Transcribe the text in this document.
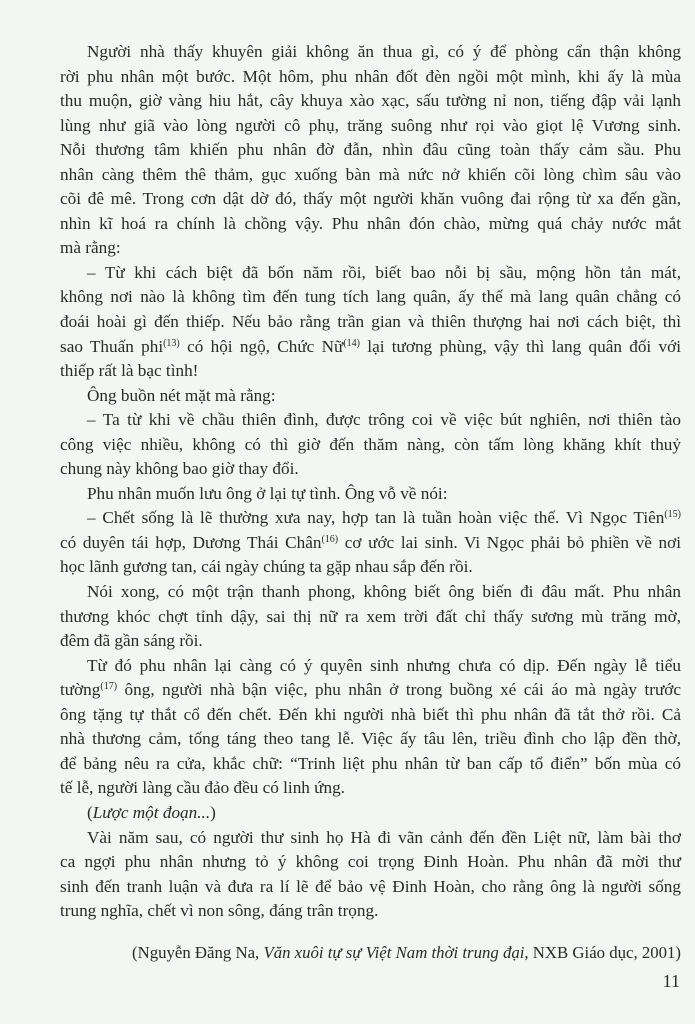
Người nhà thấy khuyên giải không ăn thua gì, có ý để phòng cẩn thận không
rời phu nhân một bước. Một hôm, phu nhân đốt đèn ngồi một mình, khi ấy là mùa
thu muộn, giờ vàng hiu hắt, cây khuya xào xạc, sấu tường nỉ non, tiếng đập vải lạnh
lùng như giã vào lòng người cô phụ, trăng suông như rọi vào giọt lệ Vương sinh.
Nỗi thương tâm khiến phu nhân đờ đẫn, nhìn đâu cũng toàn thấy cảm sầu. Phu
nhân càng thêm thê thảm, gục xuống bàn mà nức nở khiến cõi lòng chìm sâu vào
cõi đê mê. Trong cơn dật dờ đó, thấy một người khăn vuông đai rộng từ xa đến gần,
nhìn kĩ hoá ra chính là chồng vậy. Phu nhân đón chào, mừng quá chảy nước mắt
mà rằng:
– Từ khi cách biệt đã bốn năm rồi, biết bao nỗi bị sầu, mộng hồn tản mát,
không nơi nào là không tìm đến tung tích lang quân, ấy thế mà lang quân chẳng có
đoái hoài gì đến thiếp. Nếu bảo rằng trần gian và thiên thượng hai nơi cách biệt, thì
sao Thuấn phi$^{(13)}$ có hội ngộ, Chức Nữ$^{(14)}$ lại tương phùng, vậy thì lang quân đối với
thiếp rất là bạc tình!
Ông buồn nét mặt mà rằng:
– Ta từ khi về chầu thiên đình, được trông coi về việc bút nghiên, nơi thiên tào
công việc nhiều, không có thì giờ đến thăm nàng, còn tấm lòng khăng khít thuỷ
chung này không bao giờ thay đổi.
Phu nhân muốn lưu ông ở lại tự tình. Ông vỗ về nói:
– Chết sống là lẽ thường xưa nay, hợp tan là tuần hoàn việc thế. Vì Ngọc Tiên$^{(15)}$
có duyên tái hợp, Dương Thái Chân$^{(16)}$ cơ ước lai sinh. Vi Ngọc phải bỏ phiền về nơi
học lãnh gương tan, cái ngày chúng ta gặp nhau sắp đến rồi.
Nói xong, có một trận thanh phong, không biết ông biến đi đâu mất. Phu nhân
thương khóc chợt tỉnh dậy, sai thị nữ ra xem trời đất chỉ thấy sương mù trăng mờ,
đêm đã gần sáng rồi.
Từ đó phu nhân lại càng có ý quyên sinh nhưng chưa có dịp. Đến ngày lễ tiểu
tường$^{(17)}$ ông, người nhà bận việc, phu nhân ở trong buồng xé cái áo mà ngày trước
ông tặng tự thắt cổ đến chết. Đến khi người nhà biết thì phu nhân đã tắt thở rồi. Cả
nhà thương cảm, tống táng theo tang lễ. Việc ấy tâu lên, triều đình cho lập đền thờ,
để bảng nêu ra cửa, khắc chữ: “Trinh liệt phu nhân từ ban cấp tổ điển” bốn mùa có
tế lễ, người làng cầu đảo đều có linh ứng.
(Lược một đoạn...)
Vài năm sau, có người thư sinh họ Hà đi vãn cảnh đến đền Liệt nữ, làm bài thơ
ca ngợi phu nhân nhưng tỏ ý không coi trọng Đinh Hoàn. Phu nhân đã mời thư
sinh đến tranh luận và đưa ra lí lẽ để bảo vệ Đinh Hoàn, cho rằng ông là người sống
trung nghĩa, chết vì non sông, đáng trân trọng.
(Nguyễn Đăng Na, Văn xuôi tự sự Việt Nam thời trung đại, NXB Giáo dục, 2001)
11
